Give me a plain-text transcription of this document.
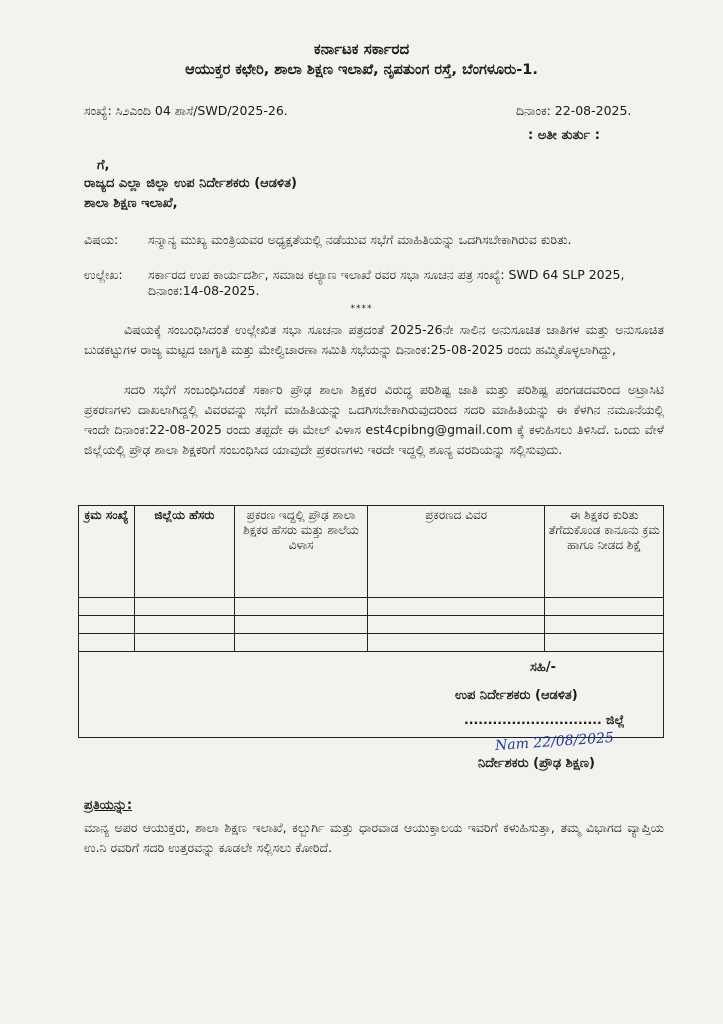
ಕರ್ನಾಟಕ ಸರ್ಕಾರದ
ಆಯುಕ್ತರ ಕಛೇರಿ, ಶಾಲಾ ಶಿಕ್ಷಣ ಇಲಾಖೆ, ನೃಪತುಂಗ ರಸ್ತೆ, ಬೆಂಗಳೂರು-1.
ಸಂಖ್ಯೆ: ಸಿ೨ಎಂದಿ 04 ಶಾಸೆ/SWD/2025-26.	ದಿನಾಂಕ: 22-08-2025.
: ಅತೀ ತುರ್ತು :
ಗೆ,
ರಾಜ್ಯದ ಎಲ್ಲಾ ಜಿಲ್ಲಾ ಉಪ ನಿರ್ದೇಶಕರು (ಆಡಳಿತ)
ಶಾಲಾ ಶಿಕ್ಷಣ ಇಲಾಖೆ,
ವಿಷಯ: ಸನ್ಮಾನ್ಯ ಮುಖ್ಯ ಮಂತ್ರಿಯವರ ಅಧ್ಯಕ್ಷತೆಯಲ್ಲಿ ನಡೆಯುವ ಸಭೆಗೆ ಮಾಹಿತಿಯನ್ನು ಒದಗಿಸಬೇಕಾಗಿರುವ ಕುರಿತು.
ಉಲ್ಲೇಖ: ಸರ್ಕಾರದ ಉಪ ಕಾರ್ಯದರ್ಶಿ, ಸಮಾಜ ಕಲ್ಯಾಣ ಇಲಾಖೆ ರವರ ಸಭಾ ಸೂಚನ ಪತ್ರ ಸಂಖ್ಯೆ: SWD 64 SLP 2025, ದಿನಾಂಕ:14-08-2025.
****
ವಿಷಯಕ್ಕೆ ಸಂಬಂಧಿಸಿದಂತೆ ಉಲ್ಲೇಖಿತ ಸಭಾ ಸೂಚನಾ ಪತ್ರದಂತೆ 2025-26ನೇ ಸಾಲಿನ ಅನುಸೂಚಿತ ಜಾತಿಗಳ ಮತ್ತು ಅನುಸೂಚಿತ ಬುಡಕಟ್ಟುಗಳ ರಾಜ್ಯ ಮಟ್ಟದ ಜಾಗೃತಿ ಮತ್ತು ಮೇಲ್ವಿಚಾರಣಾ ಸಮಿತಿ ಸಭೆಯನ್ನು ದಿನಾಂಕ:25-08-2025 ರಂದು ಹಮ್ಮಿಕೊಳ್ಳಲಾಗಿದ್ದು,
ಸದರಿ ಸಭೆಗೆ ಸಂಬಂಧಿಸಿದಂತೆ ಸರ್ಕಾರಿ ಪ್ರೌಢ ಶಾಲಾ ಶಿಕ್ಷಕರ ವಿರುದ್ಧ ಪರಿಶಿಷ್ಟ ಜಾತಿ ಮತ್ತು ಪರಿಶಿಷ್ಟ ಪಂಗಡದವರಿಂದ ಅಟ್ರಾಸಿಟಿ ಪ್ರಕರಣಗಳು ದಾಖಲಾಗಿದ್ದಲ್ಲಿ ವಿವರವನ್ನು ಸಭೆಗೆ ಮಾಹಿತಿಯನ್ನು ಒದಗಿಸಬೇಕಾಗಿರುವುದರಿಂದ ಸದರಿ ಮಾಹಿತಿಯನ್ನು ಈ ಕೆಳಗಿನ ನಮೂನೆಯಲ್ಲಿ ಇಂದೇ ದಿನಾಂಕ:22-08-2025 ರಂದು ತಪ್ಪದೇ ಈ ಮೇಲ್ ವಿಳಾಸ est4cpibng@gmail.com ಕ್ಕೆ ಕಳುಹಿಸಲು ತಿಳಿಸಿದೆ. ಒಂದು ವೇಳೆ ಜಿಲ್ಲೆಯಲ್ಲಿ ಪ್ರೌಢ ಶಾಲಾ ಶಿಕ್ಷಕರಿಗೆ ಸಂಬಂಧಿಸಿದ ಯಾವುದೇ ಪ್ರಕರಣಗಳು ಇರದೇ ಇದ್ದಲ್ಲಿ ಶೂನ್ಯ ವರದಿಯನ್ನು ಸಲ್ಲಿಸುವುದು.
ಕ್ರಮ ಸಂಖ್ಯೆ	ಜಿಲ್ಲೆಯ ಹೆಸರು	ಪ್ರಕರಣ ಇದ್ದಲ್ಲಿ ಪ್ರೌಢ ಶಾಲಾ ಶಿಕ್ಷಕರ ಹೆಸರು ಮತ್ತು ಶಾಲೆಯ ವಿಳಾಸ	ಪ್ರಕರಣದ ವಿವರ	ಈ ಶಿಕ್ಷಕರ ಕುರಿತು ತೆಗೆದುಕೊಂಡ ಕಾನೂನು ಕ್ರಮ ಹಾಗೂ ನೀಡದ ಶಿಕ್ಷೆ

ಸಹಿ/-
ಉಪ ನಿರ್ದೇಶಕರು (ಆಡಳಿತ)
............................. ಜಿಲ್ಲೆ
Nam 22/08/2025
ನಿರ್ದೇಶಕರು (ಪ್ರೌಢ ಶಿಕ್ಷಣ)
ಪ್ರತಿಯನ್ನು:
ಮಾನ್ಯ ಅಪರ ಆಯುಕ್ತರು, ಶಾಲಾ ಶಿಕ್ಷಣ ಇಲಾಖೆ, ಕಲ್ಬುರ್ಗಿ ಮತ್ತು ಧಾರವಾಡ ಆಯುಕ್ತಾಲಯ ಇವರಿಗೆ ಕಳುಹಿಸುತ್ತಾ, ತಮ್ಮ ವಿಭಾಗದ ವ್ಯಾಪ್ತಿಯ ಉ.ನಿ ರವರಿಗೆ ಸದರಿ ಉತ್ತರವನ್ನು ಕೂಡಲೇ ಸಲ್ಲಿಸಲು ಕೋರಿದೆ.
